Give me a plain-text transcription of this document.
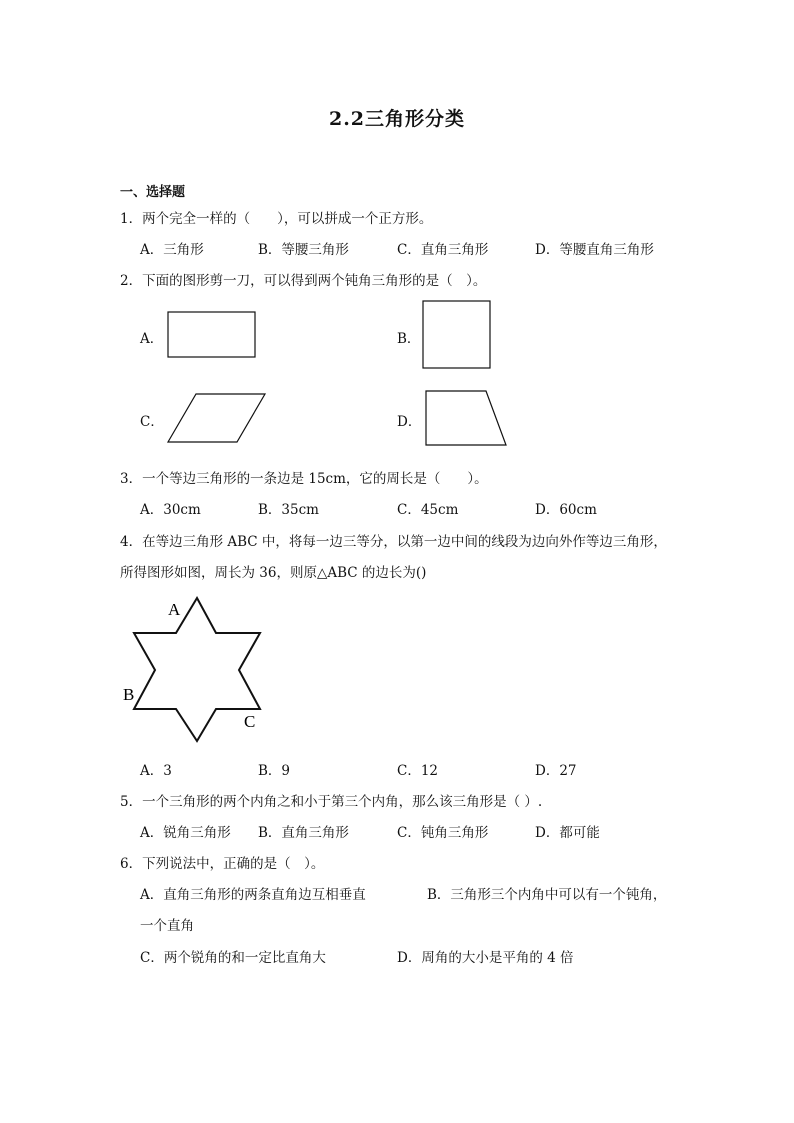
2.2三角形分类
一、选择题
1．两个完全一样的（　　），可以拼成一个正方形。
A．三角形	B．等腰三角形	C．直角三角形	D．等腰直角三角形
2．下面的图形剪一刀，可以得到两个钝角三角形的是（　）。
A．	B．
C．	D．
3．一个等边三角形的一条边是 15cm，它的周长是（　　）。
A．30cm	B．35cm	C．45cm	D．60cm
4．在等边三角形 ABC 中，将每一边三等分，以第一边中间的线段为边向外作等边三角形，
所得图形如图，周长为 36，则原△ABC 的边长为()
A
B
C
A．3	B．9	C．12	D．27
5．一个三角形的两个内角之和小于第三个内角，那么该三角形是（ ）.
A．锐角三角形 B．直角三角形	C．钝角三角形	D．都可能
6．下列说法中，正确的是（　）。
A．直角三角形的两条直角边互相垂直	B．三角形三个内角中可以有一个钝角，
一个直角
C．两个锐角的和一定比直角大	D．周角的大小是平角的 4 倍
